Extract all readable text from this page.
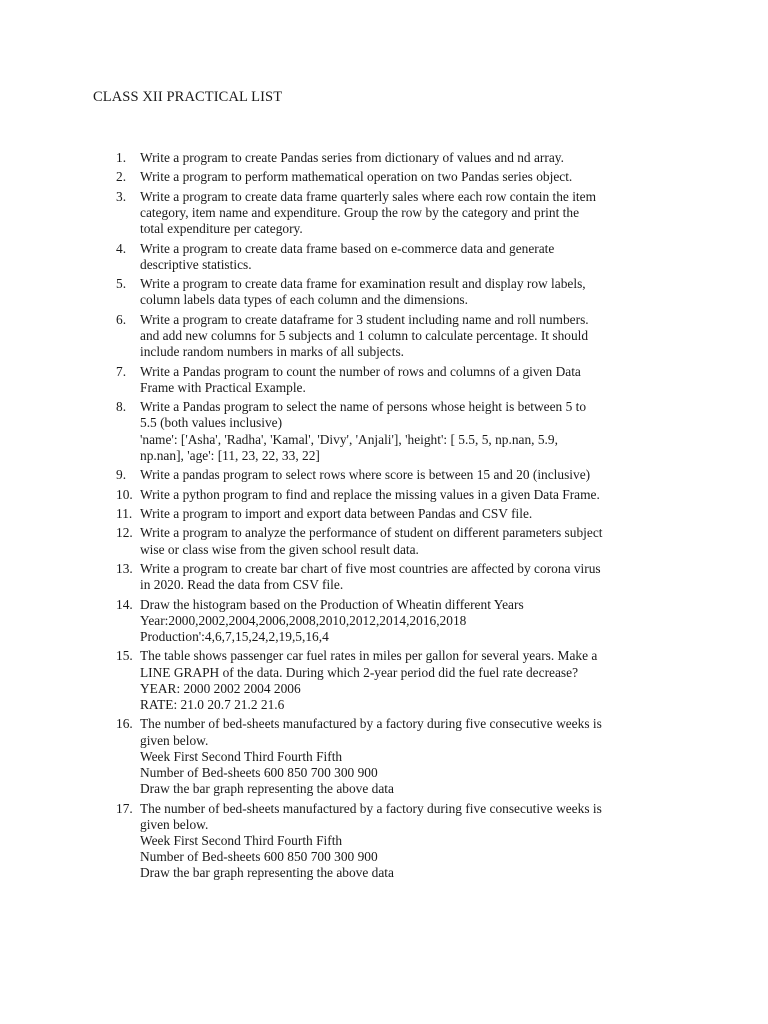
CLASS XII PRACTICAL LIST
1. Write a program to create Pandas series from dictionary of values and nd array.
2. Write a program to perform mathematical operation on two Pandas series object.
3. Write a program to create data frame quarterly sales where each row contain the item
category, item name and expenditure. Group the row by the category and print the
total expenditure per category.
4. Write a program to create data frame based on e-commerce data and generate
descriptive statistics.
5. Write a program to create data frame for examination result and display row labels,
column labels data types of each column and the dimensions.
6. Write a program to create dataframe for 3 student including name and roll numbers.
and add new columns for 5 subjects and 1 column to calculate percentage. It should
include random numbers in marks of all subjects.
7. Write a Pandas program to count the number of rows and columns of a given Data
Frame with Practical Example.
8. Write a Pandas program to select the name of persons whose height is between 5 to
5.5 (both values inclusive)
'name': ['Asha', 'Radha', 'Kamal', 'Divy', 'Anjali'], 'height': [ 5.5, 5, np.nan, 5.9,
np.nan], 'age': [11, 23, 22, 33, 22]
9. Write a pandas program to select rows where score is between 15 and 20 (inclusive)
10. Write a python program to find and replace the missing values in a given Data Frame.
11. Write a program to import and export data between Pandas and CSV file.
12. Write a program to analyze the performance of student on different parameters subject
wise or class wise from the given school result data.
13. Write a program to create bar chart of five most countries are affected by corona virus
in 2020. Read the data from CSV file.
14. Draw the histogram based on the Production of Wheatin different Years
Year:2000,2002,2004,2006,2008,2010,2012,2014,2016,2018
Production':4,6,7,15,24,2,19,5,16,4
15. The table shows passenger car fuel rates in miles per gallon for several years. Make a
LINE GRAPH of the data. During which 2-year period did the fuel rate decrease?
YEAR: 2000 2002 2004 2006
RATE: 21.0 20.7 21.2 21.6
16. The number of bed-sheets manufactured by a factory during five consecutive weeks is
given below.
Week First Second Third Fourth Fifth
Number of Bed-sheets 600 850 700 300 900
Draw the bar graph representing the above data
17. The number of bed-sheets manufactured by a factory during five consecutive weeks is
given below.
Week First Second Third Fourth Fifth
Number of Bed-sheets 600 850 700 300 900
Draw the bar graph representing the above data
